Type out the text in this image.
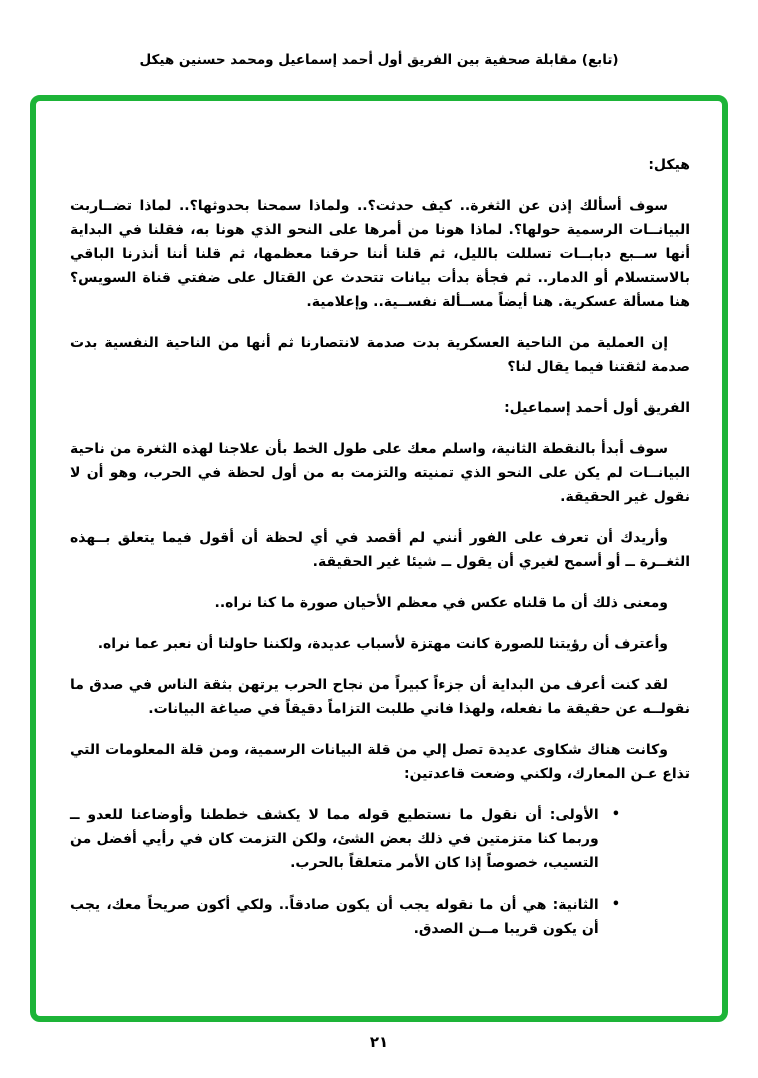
(تابع) مقابلة صحفية بين الفريق أول أحمد إسماعيل ومحمد حسنين هيكل

هيكل:

سوف أسألك إذن عن الثغرة.. كيف حدثت؟.. ولماذا سمحنا بحدوثها؟.. لماذا تضــاربت البيانــات الرسمية حولها؟. لماذا هونا من أمرها على النحو الذي هونا به، فقلنا في البداية أنها ســبع دبابــات تسللت بالليل، ثم قلنا أننا حرقنا معظمها، ثم قلنا أننا أنذرنا الباقي بالاستسلام أو الدمار.. ثم فجأة بدأت بيانات تتحدث عن القتال على ضفتي قناة السويس؟ هنا مسألة عسكرية. هنا أيضاً مســألة نفســية.. وإعلامية.

إن العملية من الناحية العسكرية بدت صدمة لانتصارنا ثم أنها من الناحية النفسية بدت صدمة لثقتنا فيما يقال لنا؟

الفريق أول أحمد إسماعيل:

سوف أبدأ بالنقطة الثانية، واسلم معك على طول الخط بأن علاجنا لهذه الثغرة من ناحية البيانــات لم يكن على النحو الذي تمنيته والتزمت به من أول لحظة في الحرب، وهو أن لا نقول غير الحقيقة.

وأريدك أن تعرف على الفور أنني لم أقصد في أي لحظة أن أقول فيما يتعلق بــهذه الثغــرة ــ أو أسمح لغيري أن يقول ــ شيئا غير الحقيقة.

ومعنى ذلك أن ما قلناه عكس في معظم الأحيان صورة ما كنا نراه..

وأعترف أن رؤيتنا للصورة كانت مهتزة لأسباب عديدة، ولكننا حاولنا أن نعبر عما نراه.

لقد كنت أعرف من البداية أن جزءاً كبيراً من نجاح الحرب يرتهن بثقة الناس في صدق ما نقولــه عن حقيقة ما نفعله، ولهذا فاني طلبت التزاماً دقيقاً في صياغة البيانات.

وكانت هناك شكاوى عديدة تصل إلي من قلة البيانات الرسمية، ومن قلة المعلومات التي تذاع عـن المعارك، ولكني وضعت قاعدتين:

•
الأولى: أن نقول ما نستطيع قوله مما لا يكشف خططنا وأوضاعنا للعدو ــ وربما كنا متزمتين في ذلك بعض الشئ، ولكن التزمت كان في رأيي أفضل من التسيب، خصوصاً إذا كان الأمر متعلقاً بالحرب.
•
الثانية: هي أن ما نقوله يجب أن يكون صادقاً.. ولكي أكون صريحاً معك، يجب أن يكون قريبا مــن الصدق.
٢١
